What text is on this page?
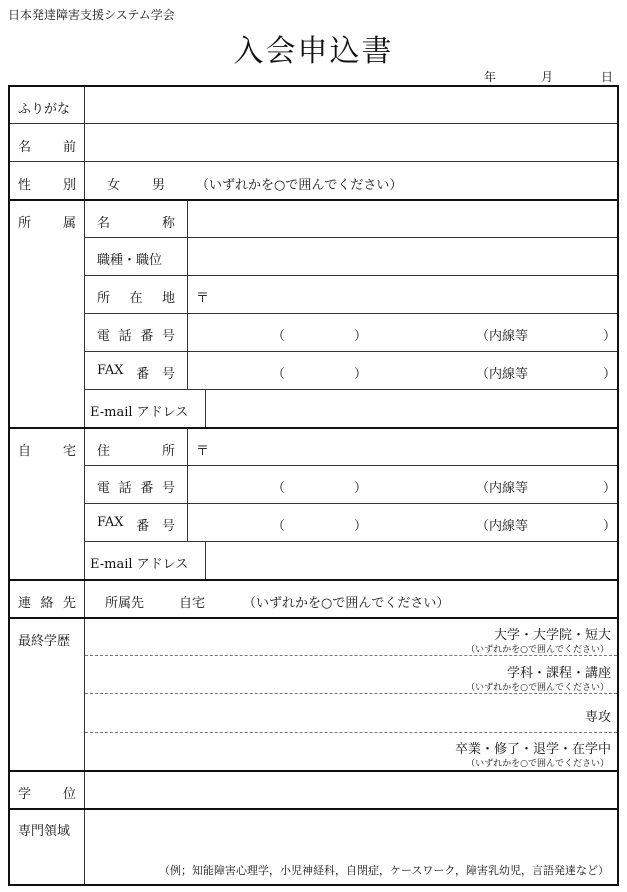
日本発達障害支援システム学会
入会申込書
年	月	日
ふりがな
名 前
性 別 女 男 （いずれかを○で囲んでください）
所 属 名	称
職種・職位
所 在 地 〒
電 話 番 号	（	）	（内線等	）
FAX 番 号	（	）	（内線等	）
E-mail アドレス
自 宅 住	所 〒
電 話 番 号	（	）	（内線等	）
FAX 番 号	（	）	（内線等	）
E-mail アドレス
連 絡 先 所属先	自宅	（いずれかを○で囲んでください）
最終学歴	大学・大学院・短大
（いずれかを○で囲んでください）
学科・課程・講座
（いずれかを○で囲んでください）
専攻
卒業・修了・退学・在学中
（いずれかを○で囲んでください）
学 位
専門領域
（例；知能障害心理学，小児神経科，自閉症，ケースワーク，障害乳幼児，言語発達など）
